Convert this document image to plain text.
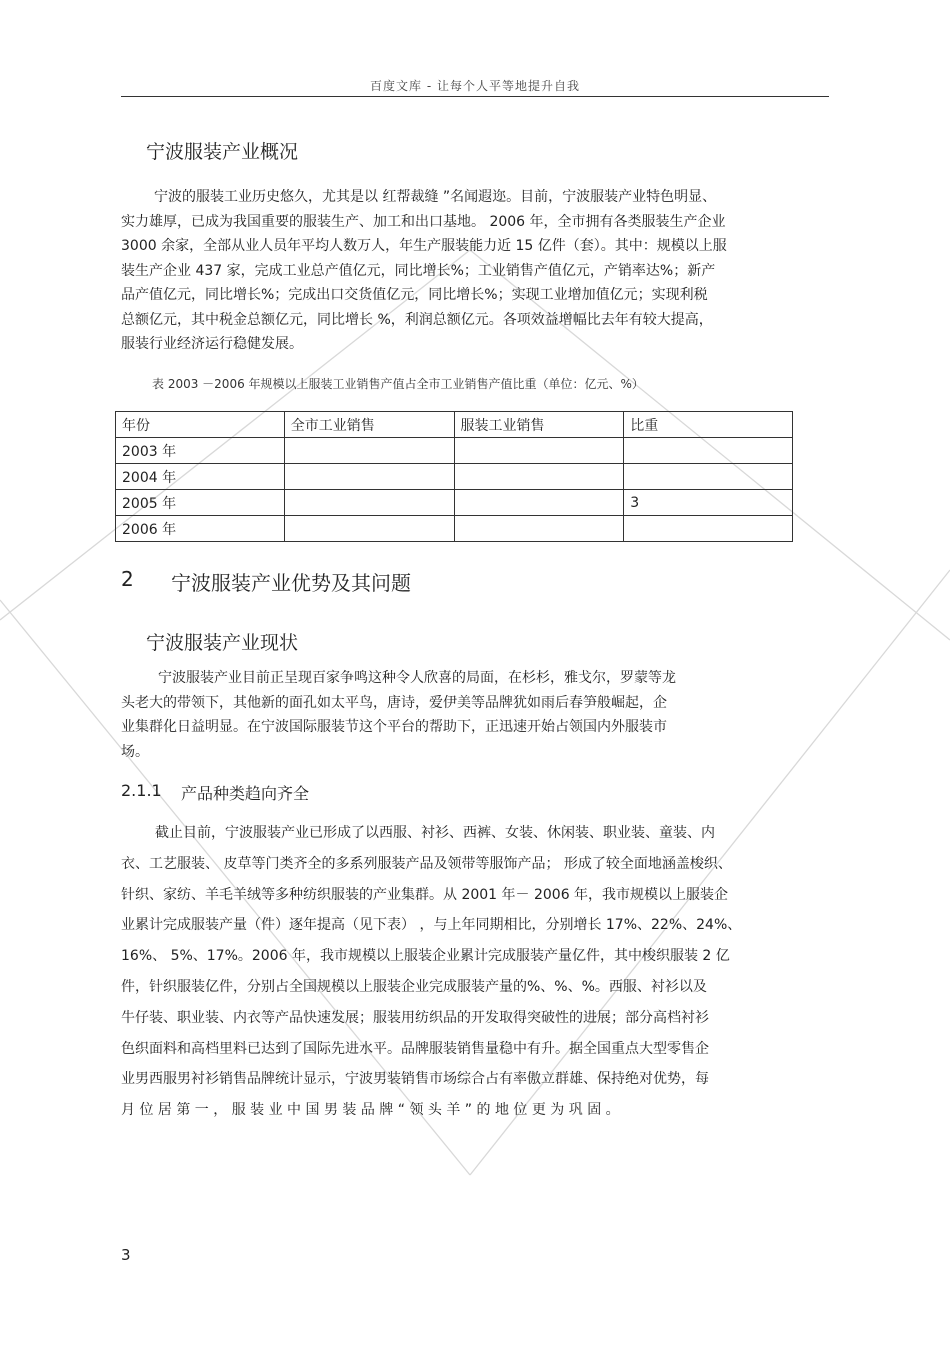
百度文库 - 让每个人平等地提升自我
宁波服装产业概况

宁波的服装工业历史悠久，尤其是以 红帮裁缝 ”名闻遐迩。目前，宁波服装产业特色明显、

实力雄厚，已成为我国重要的服装生产、加工和出口基地。 2006 年，全市拥有各类服装生产企业

3000 余家，全部从业人员年平均人数万人，年生产服装能力近 15 亿件（套）。其中：规模以上服

装生产企业 437 家，完成工业总产值亿元，同比增长%；工业销售产值亿元，产销率达%；新产

品产值亿元，同比增长%；完成出口交货值亿元，同比增长%；实现工业增加值亿元；实现利税

总额亿元，其中税金总额亿元，同比增长 %，利润总额亿元。各项效益增幅比去年有较大提高，

服装行业经济运行稳健发展。

表 2003 －2006 年规模以上服装工业销售产值占全市工业销售产值比重（单位：亿元、%）
年份	全市工业销售	服装工业销售	比重
2003 年			
2004 年			
2005 年			3
2006 年			
2 宁波服装产业优势及其问题
宁波服装产业现状

宁波服装产业目前正呈现百家争鸣这种令人欣喜的局面，在杉杉，雅戈尔，罗蒙等龙

头老大的带领下，其他新的面孔如太平鸟，唐诗，爱伊美等品牌犹如雨后春笋般崛起，企

业集群化日益明显。在宁波国际服装节这个平台的帮助下，正迅速开始占领国内外服装市

场。

2.1.1 产品种类趋向齐全

截止目前，宁波服装产业已形成了以西服、衬衫、西裤、女装、休闲装、职业装、童装、内

衣、工艺服装、 皮草等门类齐全的多系列服装产品及领带等服饰产品； 形成了较全面地涵盖梭织、

针织、家纺、羊毛羊绒等多种纺织服装的产业集群。从 2001 年－ 2006 年，我市规模以上服装企

业累计完成服装产量（件）逐年提高（见下表） ，与上年同期相比，分别增长 17%、22%、24%、

16%、 5%、17%。2006 年，我市规模以上服装企业累计完成服装产量亿件，其中梭织服装 2 亿

件，针织服装亿件，分别占全国规模以上服装企业完成服装产量的%、%、%。西服、衬衫以及

牛仔装、职业装、内衣等产品快速发展；服装用纺织品的开发取得突破性的进展；部分高档衬衫

色织面料和高档里料已达到了国际先进水平。品牌服装销售量稳中有升。据全国重点大型零售企

业男西服男衬衫销售品牌统计显示，宁波男装销售市场综合占有率傲立群雄、保持绝对优势，每

月 位 居 第 一 ， 服 装 业 中 国 男 装 品 牌 “ 领 头 羊 ” 的 地 位 更 为 巩 固 。
3
